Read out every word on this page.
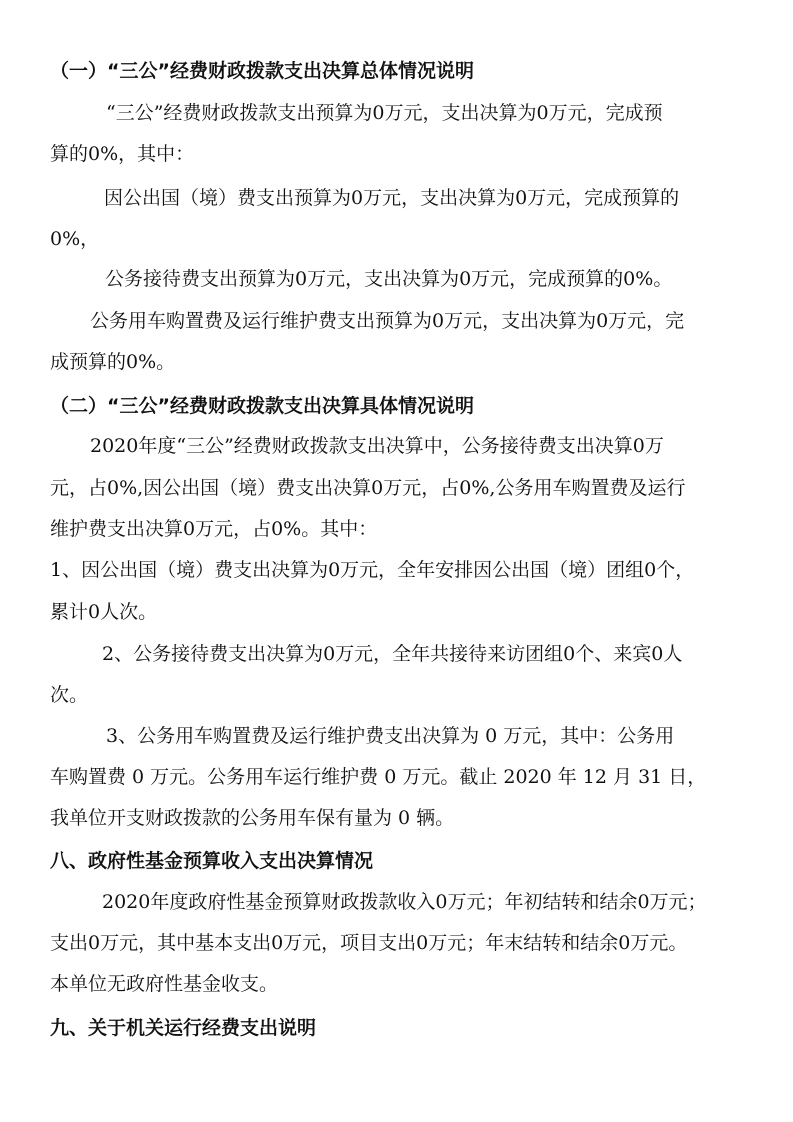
（一）“三公”经费财政拨款支出决算总体情况说明
“三公”经费财政拨款支出预算为0万元，支出决算为0万元，完成预
算的0%，其中：
因公出国（境）费支出预算为0万元，支出决算为0万元，完成预算的
0%，
公务接待费支出预算为0万元，支出决算为0万元，完成预算的0%。
公务用车购置费及运行维护费支出预算为0万元，支出决算为0万元，完
成预算的0%。
（二）“三公”经费财政拨款支出决算具体情况说明
2020年度“三公”经费财政拨款支出决算中，公务接待费支出决算0万
元，占0%,因公出国（境）费支出决算0万元，占0%,公务用车购置费及运行
维护费支出决算0万元，占0%。其中：
1、因公出国（境）费支出决算为0万元，全年安排因公出国（境）团组0个，
累计0人次。
2、公务接待费支出决算为0万元，全年共接待来访团组0个、来宾0人
次。
3、公务用车购置费及运行维护费支出决算为 0 万元，其中：公务用
车购置费 0 万元。公务用车运行维护费 0 万元。截止 2020 年 12 月 31 日，
我单位开支财政拨款的公务用车保有量为 0 辆。
八、政府性基金预算收入支出决算情况
2020年度政府性基金预算财政拨款收入0万元；年初结转和结余0万元；
支出0万元，其中基本支出0万元，项目支出0万元；年末结转和结余0万元。
本单位无政府性基金收支。
九、关于机关运行经费支出说明
